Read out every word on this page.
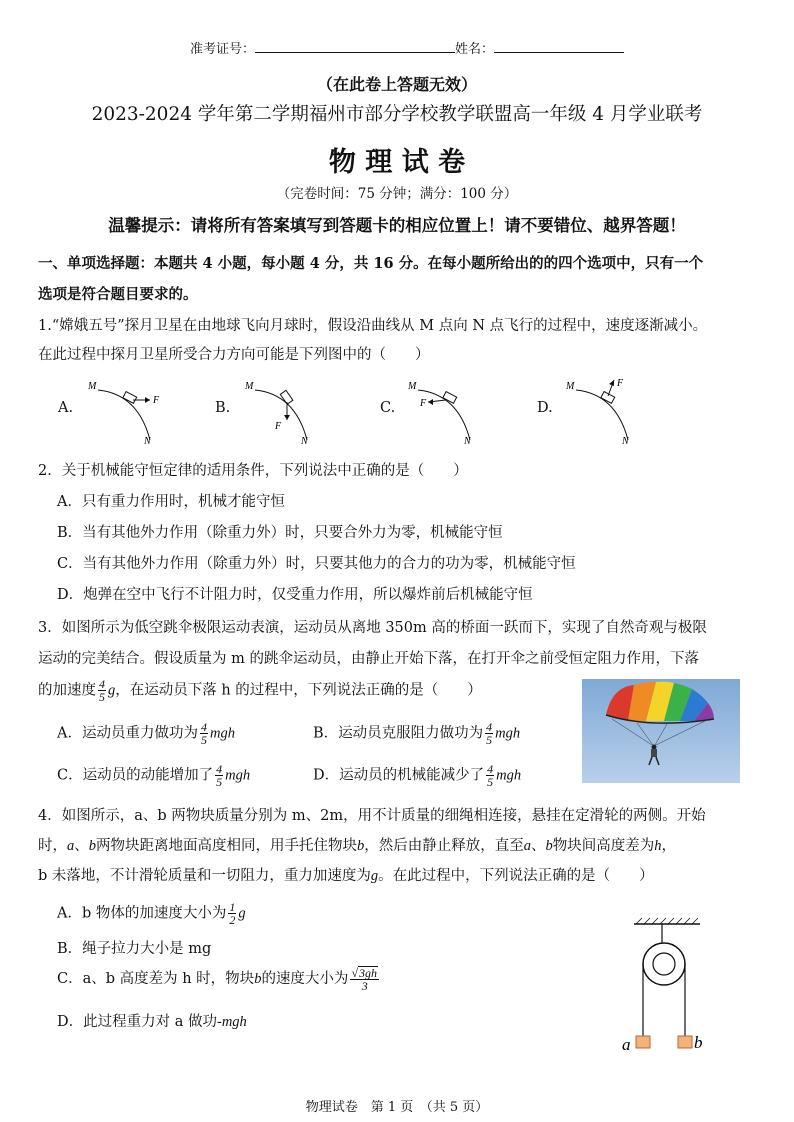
准考证号：	姓名：
（在此卷上答题无效）
2023-2024 学年第二学期福州市部分学校教学联盟高一年级 4 月学业联考
物 理 试 卷
（完卷时间：75 分钟；满分：100 分）
温馨提示：请将所有答案填写到答题卡的相应位置上！请不要错位、越界答题！
一、单项选择题：本题共 4 小题，每小题 4 分，共 16 分。在每小题所给出的的四个选项中，只有一个
选项是符合题目要求的。
1.“嫦娥五号”探月卫星在由地球飞向月球时，假设沿曲线从 M 点向 N 点飞行的过程中，速度逐渐减小。
在此过程中探月卫星所受合力方向可能是下列图中的（　　）
A.	B.	C.	D.
M
F
N
M
F
N
M
F
N
M	F
N
2．关于机械能守恒定律的适用条件，下列说法中正确的是（　　）
A．只有重力作用时，机械才能守恒
B．当有其他外力作用（除重力外）时，只要合外力为零，机械能守恒
C．当有其他外力作用（除重力外）时，只要其他力的合力的功为零，机械能守恒
D．炮弹在空中飞行不计阻力时，仅受重力作用，所以爆炸前后机械能守恒
3．如图所示为低空跳伞极限运动表演，运动员从离地 350m 高的桥面一跃而下，实现了自然奇观与极限
运动的完美结合。假设质量为 m 的跳伞运动员，由静止开始下落，在打开伞之前受恒定阻力作用，下落
的加速度 $\frac{4}{5}$ g，在运动员下落 h 的过程中，下列说法正确的是（　　）
A．运动员重力做功为 $\frac{4}{5}$ mgh	B．运动员克服阻力做功为 $\frac{4}{5}$ mgh
C．运动员的动能增加了 $\frac{4}{5}$ mgh	D．运动员的机械能减少了 $\frac{4}{5}$ mgh
4．如图所示，a、b 两物块质量分别为 m、2m，用不计质量的细绳相连接，悬挂在定滑轮的两侧。开始
时，a、b两物块距离地面高度相同，用手托住物块b，然后由静止释放，直至a、b物块间高度差为h，
b 未落地，不计滑轮质量和一切阻力，重力加速度为g。在此过程中，下列说法正确的是（　　）
A．b 物体的加速度大小为 $\frac{1}{2}$ g
B．绳子拉力大小是 mg
C．a、b 高度差为 h 时，物块b的速度大小为 $\frac{√3gh}{3}$
D．此过程重力对 a 做功-mgh
a	b
物理试卷　第 1 页　（共 5 页）
